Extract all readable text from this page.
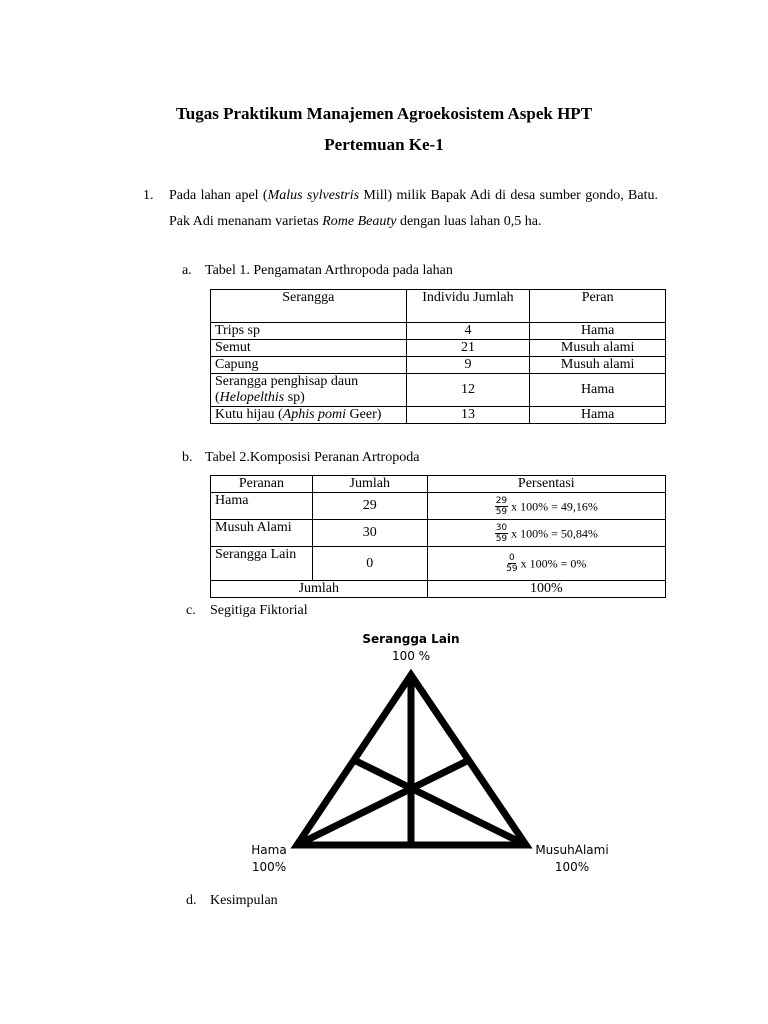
Tugas Praktikum Manajemen Agroekosistem Aspek HPT
Pertemuan Ke-1
1. Pada lahan apel (Malus sylvestris Mill) milik Bapak Adi di desa sumber gondo, Batu. Pak Adi menanam varietas Rome Beauty dengan luas lahan 0,5 ha.
a. Tabel 1. Pengamatan Arthropoda pada lahan
Serangga	Individu Jumlah	Peran
Trips sp	4	Hama
Semut	21	Musuh alami
Capung	9	Musuh alami
Serangga penghisap daun (Helopelthis sp)	12	Hama
Kutu hijau (Aphis pomi Geer)	13	Hama
b. Tabel 2.Komposisi Peranan Artropoda
Peranan	Jumlah	Persentasi
Hama	29	$\frac{29}{59}$ x 100% = 49,16%
Musuh Alami	30	$\frac{30}{59}$ x 100% = 50,84%
Serangga Lain	0	$\frac{0}{59}$ x 100% = 0%
Jumlah		100%
c. Segitiga Fiktorial
Serangga Lain
100 %
Hama
100%
MusuhAlami
100%
d. Kesimpulan
